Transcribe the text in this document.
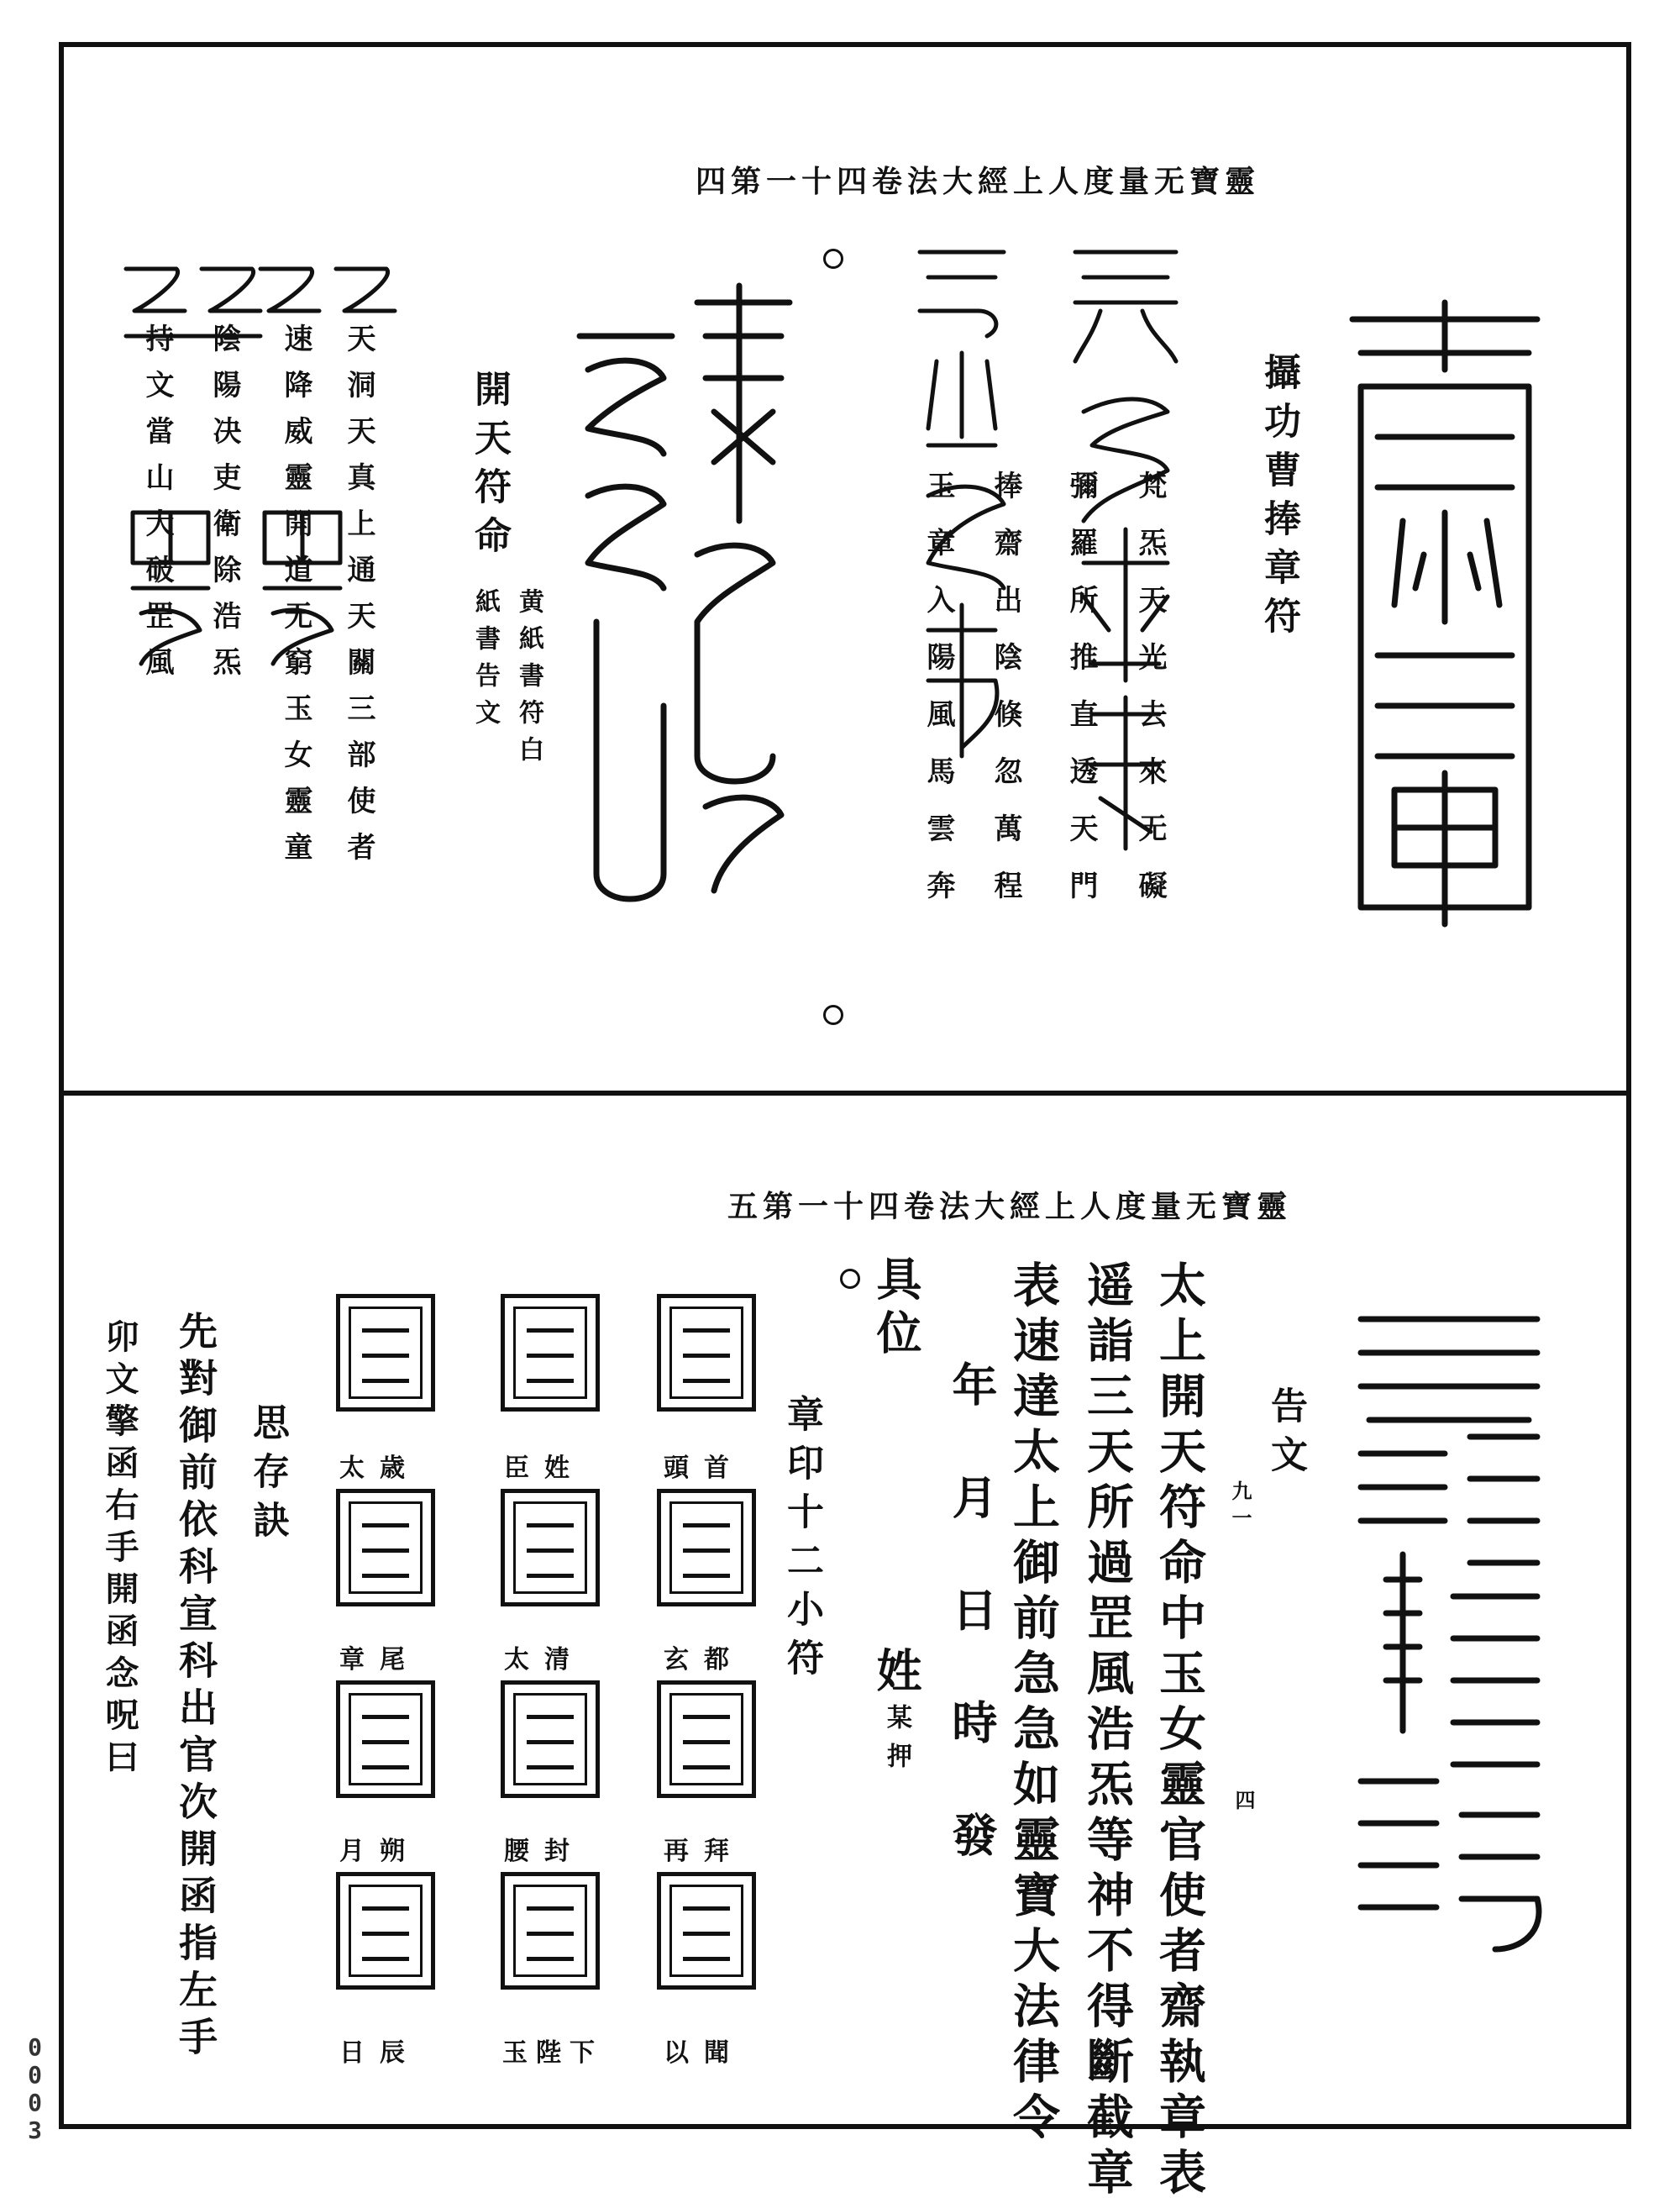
靈寶无量度人上經大法卷四十一第四
攝功曹捧章符
梵炁天光去來无礙
彌羅所推直透天門
捧齋出陰倏忽萬程
玉章入陽風馬雲奔
開天符命
黄紙書符白
紙書告文
天洞天真上通天關三部使者
速降威靈開道无窮玉女靈童
陰陽决吏衛除浩炁
持文當山大破罡風
靈寶无量度人上經大法卷四十一第五
告文
九一
四
太上開天符命中玉女靈官使者齋執章表
遥詣三天所過罡風浩炁等神不得斷截章
表速達太上御前急急如靈寶大法律令
年月日時發
具位
姓
某押
章印十二小符
頭首
玄都
再拜
以聞
臣姓
太清
腰封
玉陛下
太歳
章尾
月朔
日辰
思存訣
先對御前依科宣科出官次開函指左手
卯文擎函右手開函念呪曰
0003
